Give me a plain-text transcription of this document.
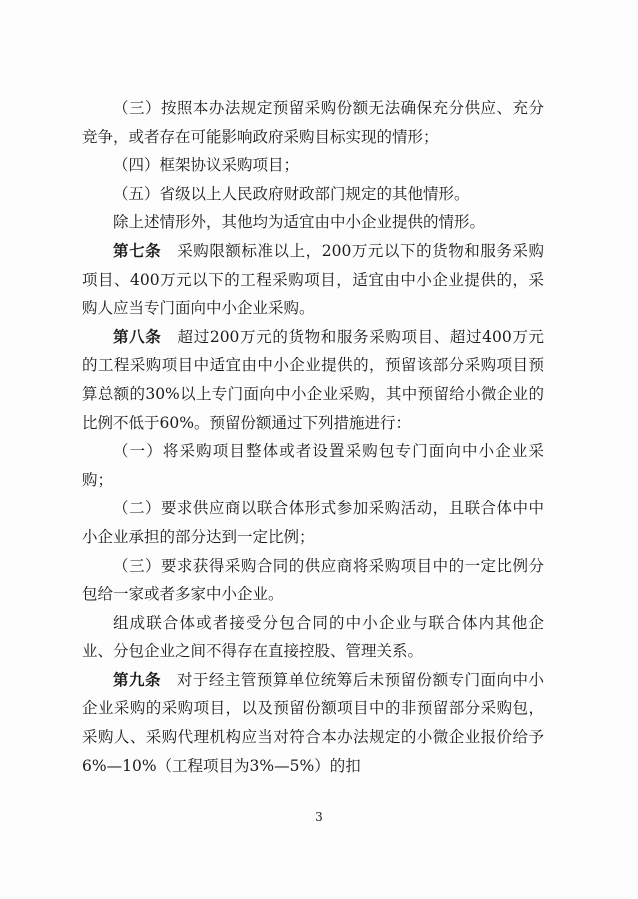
（三）按照本办法规定预留采购份额无法确保充分供应、充分竞争，或者存在可能影响政府采购目标实现的情形；

（四）框架协议采购项目；

（五）省级以上人民政府财政部门规定的其他情形。

除上述情形外，其他均为适宜由中小企业提供的情形。

第七条　采购限额标准以上，200万元以下的货物和服务采购项目、400万元以下的工程采购项目，适宜由中小企业提供的，采购人应当专门面向中小企业采购。

第八条　超过200万元的货物和服务采购项目、超过400万元的工程采购项目中适宜由中小企业提供的，预留该部分采购项目预算总额的30%以上专门面向中小企业采购，其中预留给小微企业的比例不低于60%。预留份额通过下列措施进行：

（一）将采购项目整体或者设置采购包专门面向中小企业采购；

（二）要求供应商以联合体形式参加采购活动，且联合体中中小企业承担的部分达到一定比例；

（三）要求获得采购合同的供应商将采购项目中的一定比例分包给一家或者多家中小企业。

组成联合体或者接受分包合同的中小企业与联合体内其他企业、分包企业之间不得存在直接控股、管理关系。

第九条　对于经主管预算单位统筹后未预留份额专门面向中小企业采购的采购项目，以及预留份额项目中的非预留部分采购包，采购人、采购代理机构应当对符合本办法规定的小微企业报价给予6%—10%（工程项目为3%—5%）的扣

3
